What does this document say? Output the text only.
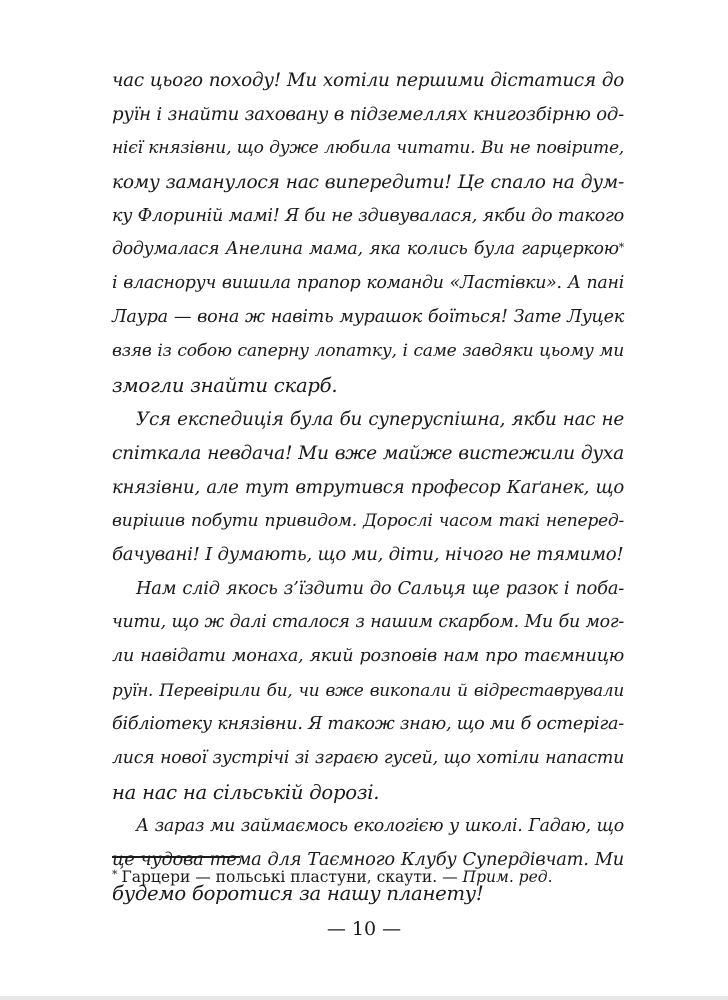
час цього походу! Ми хотіли першими дістатися до
руїн і знайти заховану в підземеллях книгозбірню од-
нієї князівни, що дуже любила читати. Ви не повірите,
кому заманулося нас випередити! Це спало на дум-
ку Флориній мамі! Я би не здивувалася, якби до такого
додумалася Анелина мама, яка колись була гарцеркою*
і власноруч вишила прапор команди «Ластівки». А пані
Лаура — вона ж навіть мурашок боїться! Зате Луцек
взяв із собою саперну лопатку, і саме завдяки цьому ми
змогли знайти скарб.
Уся експедиція була би суперуспішна, якби нас не
спіткала невдача! Ми вже майже вистежили духа
князівни, але тут втрутився професор Каґанек, що
вирішив побути привидом. Дорослі часом такі неперед-
бачувані! І думають, що ми, діти, нічого не тямимо!
Нам слід якось з’їздити до Сальця ще разок і поба-
чити, що ж далі сталося з нашим скарбом. Ми би мог-
ли навідати монаха, який розповів нам про таємницю
руїн. Перевірили би, чи вже викопали й відреставрували
бібліотеку князівни. Я також знаю, що ми б остеріга-
лися нової зустрічі зі зграєю гусей, що хотіли напасти
на нас на сільській дорозі.
А зараз ми займаємось екологією у школі. Гадаю, що
це чудова тема для Таємного Клубу Супердівчат. Ми
будемо боротися за нашу планету!
* Гарцери — польські пластуни, скаути. — Прим. ред.
— 10 —
